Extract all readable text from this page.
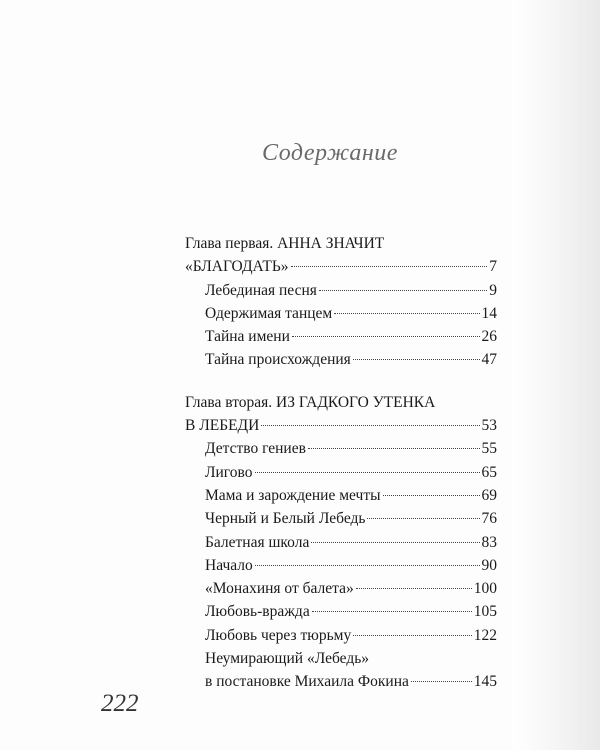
Содержание
Глава первая. АННА ЗНАЧИТ
«БЛАГОДАТЬ»	7
Лебединая песня	9
Одержимая танцем	14
Тайна имени	26
Тайна происхождения	47
Глава вторая. ИЗ ГАДКОГО УТЕНКА
В ЛЕБЕДИ	53
Детство гениев	55
Лигово	65
Мама и зарождение мечты	69
Черный и Белый Лебедь	76
Балетная школа	83
Начало	90
«Монахиня от балета»	100
Любовь-вражда	105
Любовь через тюрьму	122
Неумирающий «Лебедь»
в постановке Михаила Фокина	145
222
